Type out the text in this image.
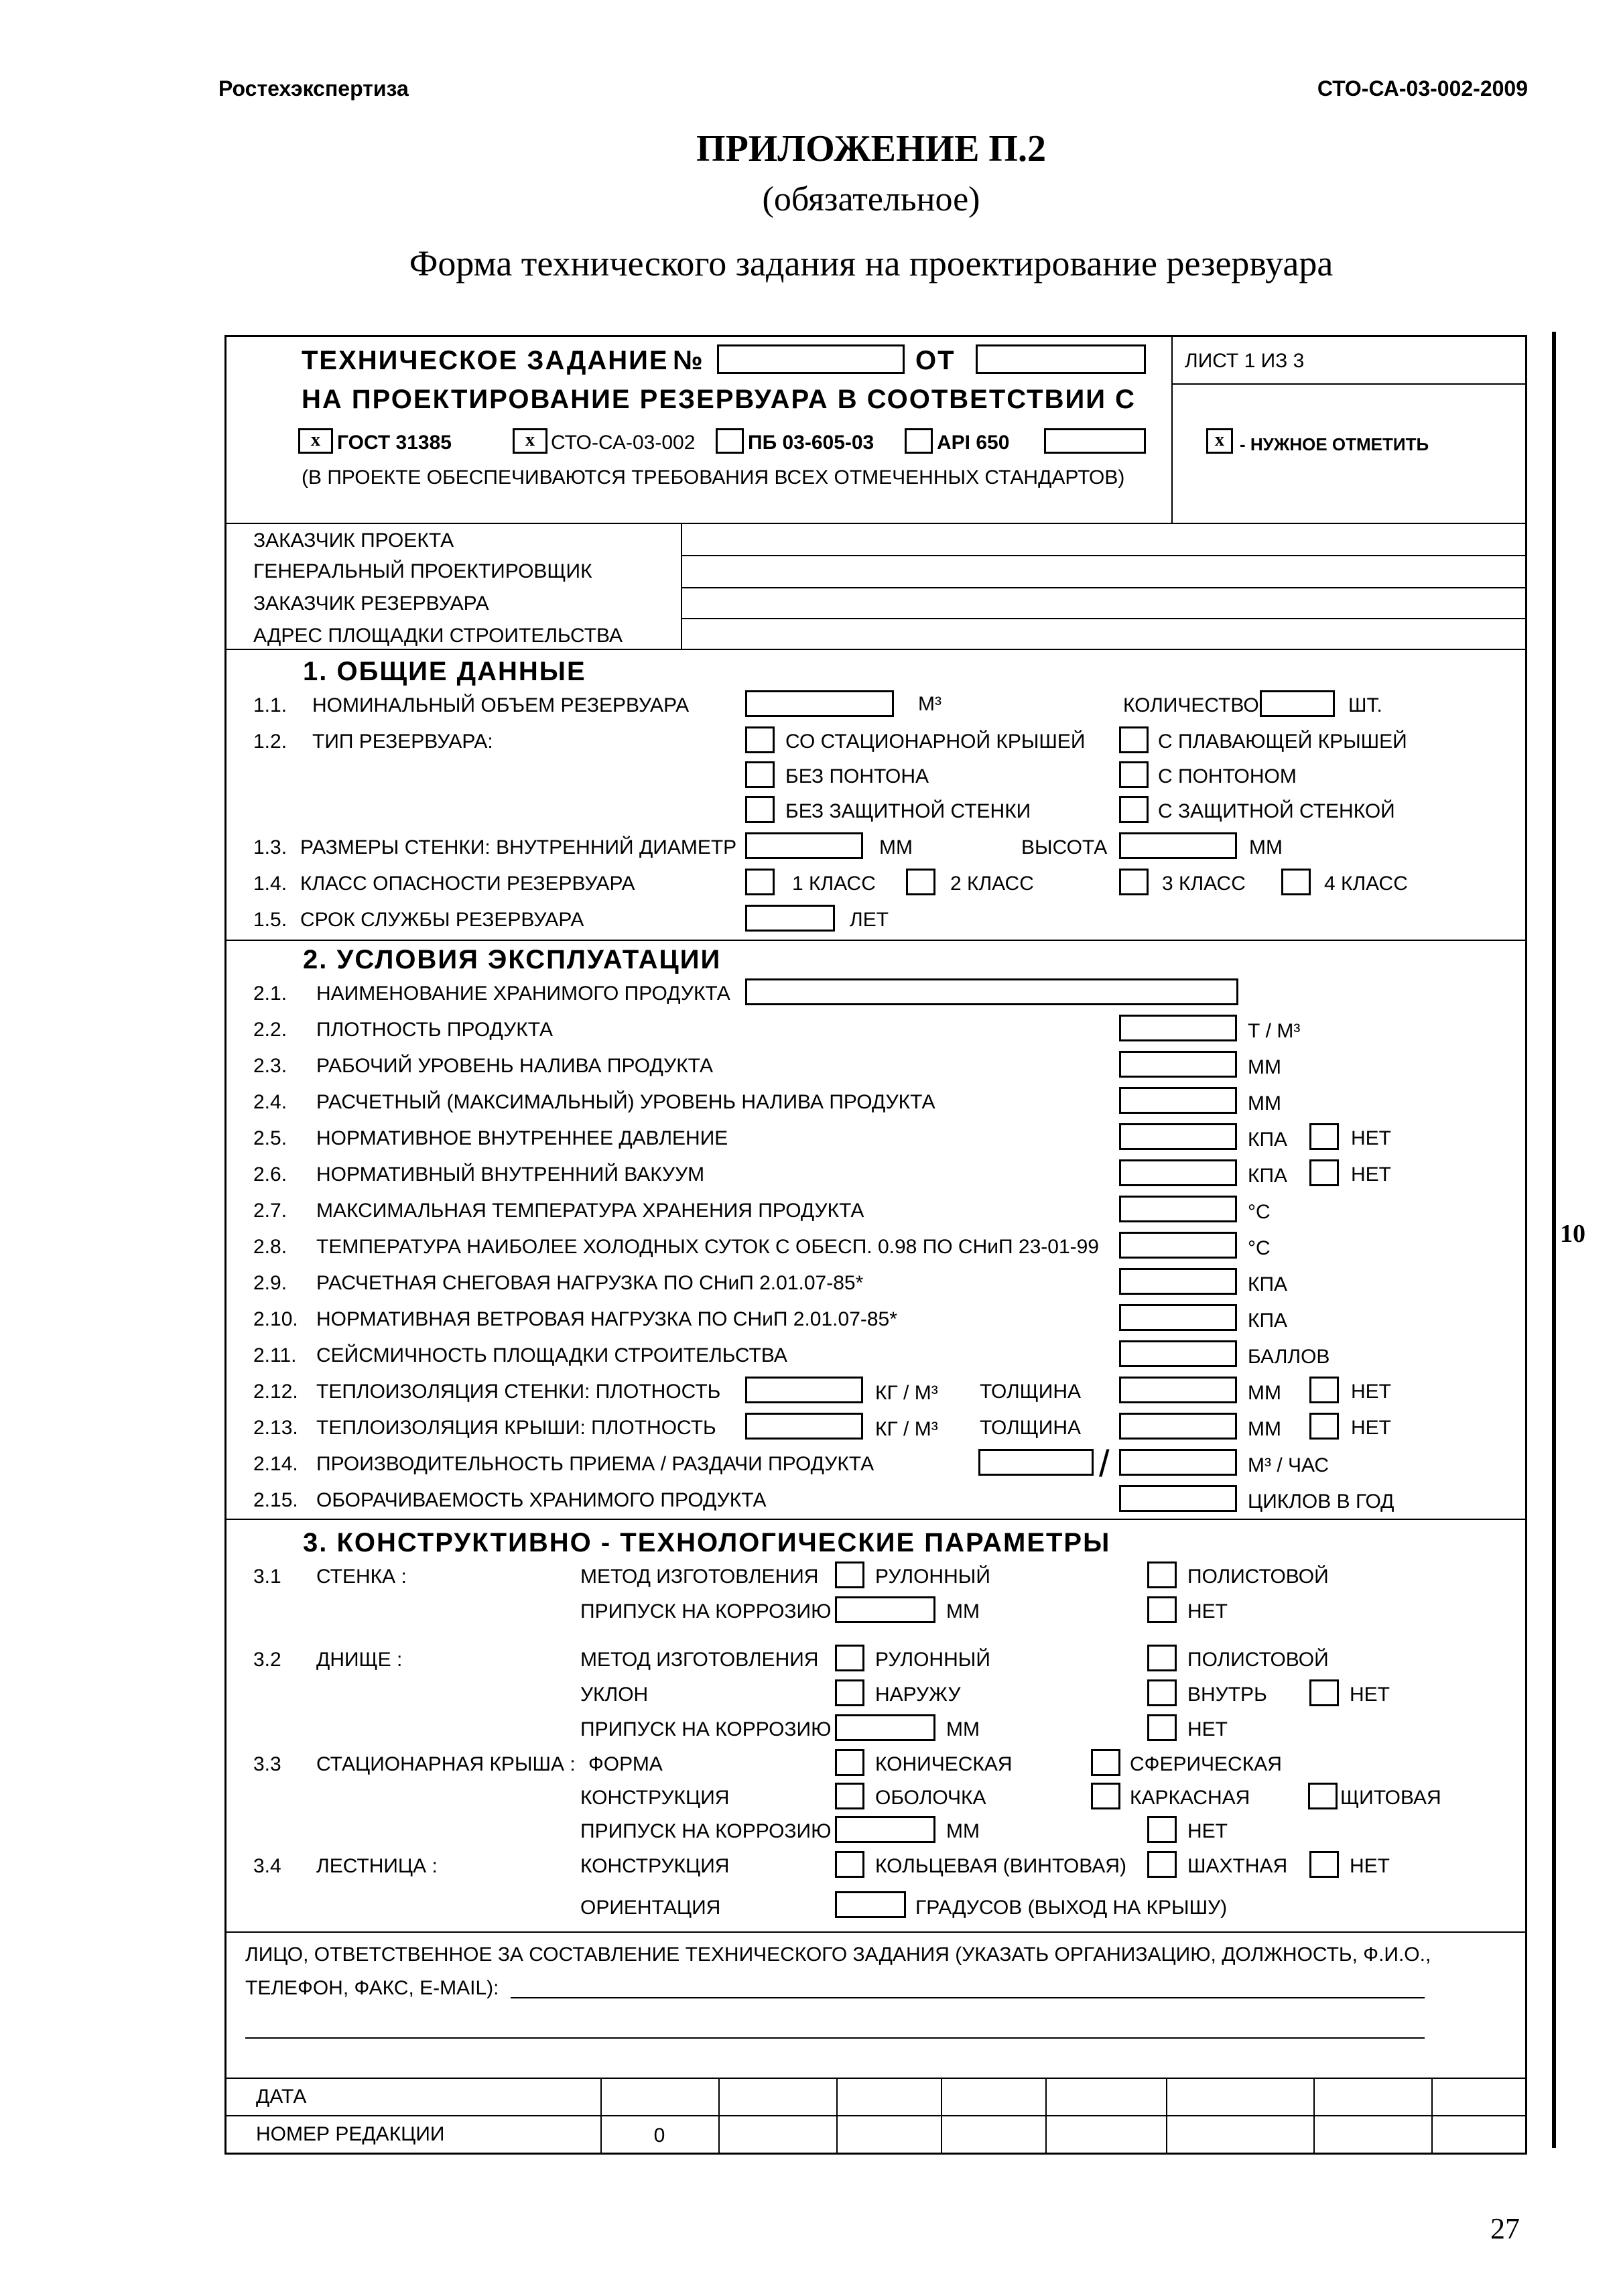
Ростехэкспертиза	СТО-СА-03-002-2009
ПРИЛОЖЕНИЕ П.2
(обязательное)
Форма технического задания на проектирование резервуара
10
ТЕХНИЧЕСКОЕ ЗАДАНИЕ №	ОТ	ЛИСТ 1 ИЗ 3
НА ПРОЕКТИРОВАНИЕ РЕЗЕРВУАРА В СООТВЕТСТВИИ С
x ГОСТ 31385	x СТО-СА-03-002	ПБ 03-605-03	API 650	x - НУЖНОЕ ОТМЕТИТЬ
(В ПРОЕКТЕ ОБЕСПЕЧИВАЮТСЯ ТРЕБОВАНИЯ ВСЕХ ОТМЕЧЕННЫХ СТАНДАРТОВ)
ЗАКАЗЧИК ПРОЕКТА
ГЕНЕРАЛЬНЫЙ ПРОЕКТИРОВЩИК
ЗАКАЗЧИК РЕЗЕРВУАРА
АДРЕС ПЛОЩАДКИ СТРОИТЕЛЬСТВА
1. ОБЩИЕ ДАННЫЕ
1.1. НОМИНАЛЬНЫЙ ОБЪЕМ РЕЗЕРВУАРА	М³	КОЛИЧЕСТВО	ШТ.
1.2. ТИП РЕЗЕРВУАРА:	СО СТАЦИОНАРНОЙ КРЫШЕЙ	С ПЛАВАЮЩЕЙ КРЫШЕЙ
БЕЗ ПОНТОНА	С ПОНТОНОМ
БЕЗ ЗАЩИТНОЙ СТЕНКИ	С ЗАЩИТНОЙ СТЕНКОЙ
1.3. РАЗМЕРЫ СТЕНКИ: ВНУТРЕННИЙ ДИАМЕТР	ММ	ВЫСОТА	ММ
1.4. КЛАСС ОПАСНОСТИ РЕЗЕРВУАРА	1 КЛАСС	2 КЛАСС	3 КЛАСС	4 КЛАСС
1.5. СРОК СЛУЖБЫ РЕЗЕРВУАРА	ЛЕТ
2. УСЛОВИЯ ЭКСПЛУАТАЦИИ
2.1. НАИМЕНОВАНИЕ ХРАНИМОГО ПРОДУКТА
2.2. ПЛОТНОСТЬ ПРОДУКТА	Т / М³
2.3. РАБОЧИЙ УРОВЕНЬ НАЛИВА ПРОДУКТА	ММ
2.4. РАСЧЕТНЫЙ (МАКСИМАЛЬНЫЙ) УРОВЕНЬ НАЛИВА ПРОДУКТА	ММ
2.5. НОРМАТИВНОЕ ВНУТРЕННЕЕ ДАВЛЕНИЕ	КПА	НЕТ
2.6. НОРМАТИВНЫЙ ВНУТРЕННИЙ ВАКУУМ	КПА	НЕТ
2.7. МАКСИМАЛЬНАЯ ТЕМПЕРАТУРА ХРАНЕНИЯ ПРОДУКТА	°С
2.8. ТЕМПЕРАТУРА НАИБОЛЕЕ ХОЛОДНЫХ СУТОК С ОБЕСП. 0.98 ПО СНиП 23-01-99	°С
2.9. РАСЧЕТНАЯ СНЕГОВАЯ НАГРУЗКА ПО СНиП 2.01.07-85*	КПА
2.10. НОРМАТИВНАЯ ВЕТРОВАЯ НАГРУЗКА ПО СНиП 2.01.07-85*	КПА
2.11. СЕЙСМИЧНОСТЬ ПЛОЩАДКИ СТРОИТЕЛЬСТВА	БАЛЛОВ
2.12. ТЕПЛОИЗОЛЯЦИЯ СТЕНКИ: ПЛОТНОСТЬ	КГ / М³ ТОЛЩИНА	ММ	НЕТ
2.13. ТЕПЛОИЗОЛЯЦИЯ КРЫШИ: ПЛОТНОСТЬ	КГ / М³ ТОЛЩИНА	ММ	НЕТ
2.14. ПРОИЗВОДИТЕЛЬНОСТЬ ПРИЕМА / РАЗДАЧИ ПРОДУКТА	/	М³ / ЧАС
2.15. ОБОРАЧИВАЕМОСТЬ ХРАНИМОГО ПРОДУКТА	ЦИКЛОВ В ГОД
3. КОНСТРУКТИВНО - ТЕХНОЛОГИЧЕСКИЕ ПАРАМЕТРЫ
3.1 СТЕНКА :	МЕТОД ИЗГОТОВЛЕНИЯ	РУЛОННЫЙ	ПОЛИСТОВОЙ
ПРИПУСК НА КОРРОЗИЮ	ММ	НЕТ
3.2 ДНИЩЕ :	МЕТОД ИЗГОТОВЛЕНИЯ	РУЛОННЫЙ	ПОЛИСТОВОЙ
УКЛОН	НАРУЖУ	ВНУТРЬ	НЕТ
ПРИПУСК НА КОРРОЗИЮ	ММ	НЕТ
3.3 СТАЦИОНАРНАЯ КРЫША : ФОРМА	КОНИЧЕСКАЯ	СФЕРИЧЕСКАЯ
КОНСТРУКЦИЯ	ОБОЛОЧКА	КАРКАСНАЯ	ЩИТОВАЯ
ПРИПУСК НА КОРРОЗИЮ	ММ	НЕТ
3.4 ЛЕСТНИЦА :	КОНСТРУКЦИЯ	КОЛЬЦЕВАЯ (ВИНТОВАЯ)	ШАХТНАЯ	НЕТ
ОРИЕНТАЦИЯ	ГРАДУСОВ (ВЫХОД НА КРЫШУ)
ЛИЦО, ОТВЕТСТВЕННОЕ ЗА СОСТАВЛЕНИЕ ТЕХНИЧЕСКОГО ЗАДАНИЯ (УКАЗАТЬ ОРГАНИЗАЦИЮ, ДОЛЖНОСТЬ, Ф.И.О.,
ТЕЛЕФОН, ФАКС, E-MAIL):
ДАТА
НОМЕР РЕДАКЦИИ	0
27
